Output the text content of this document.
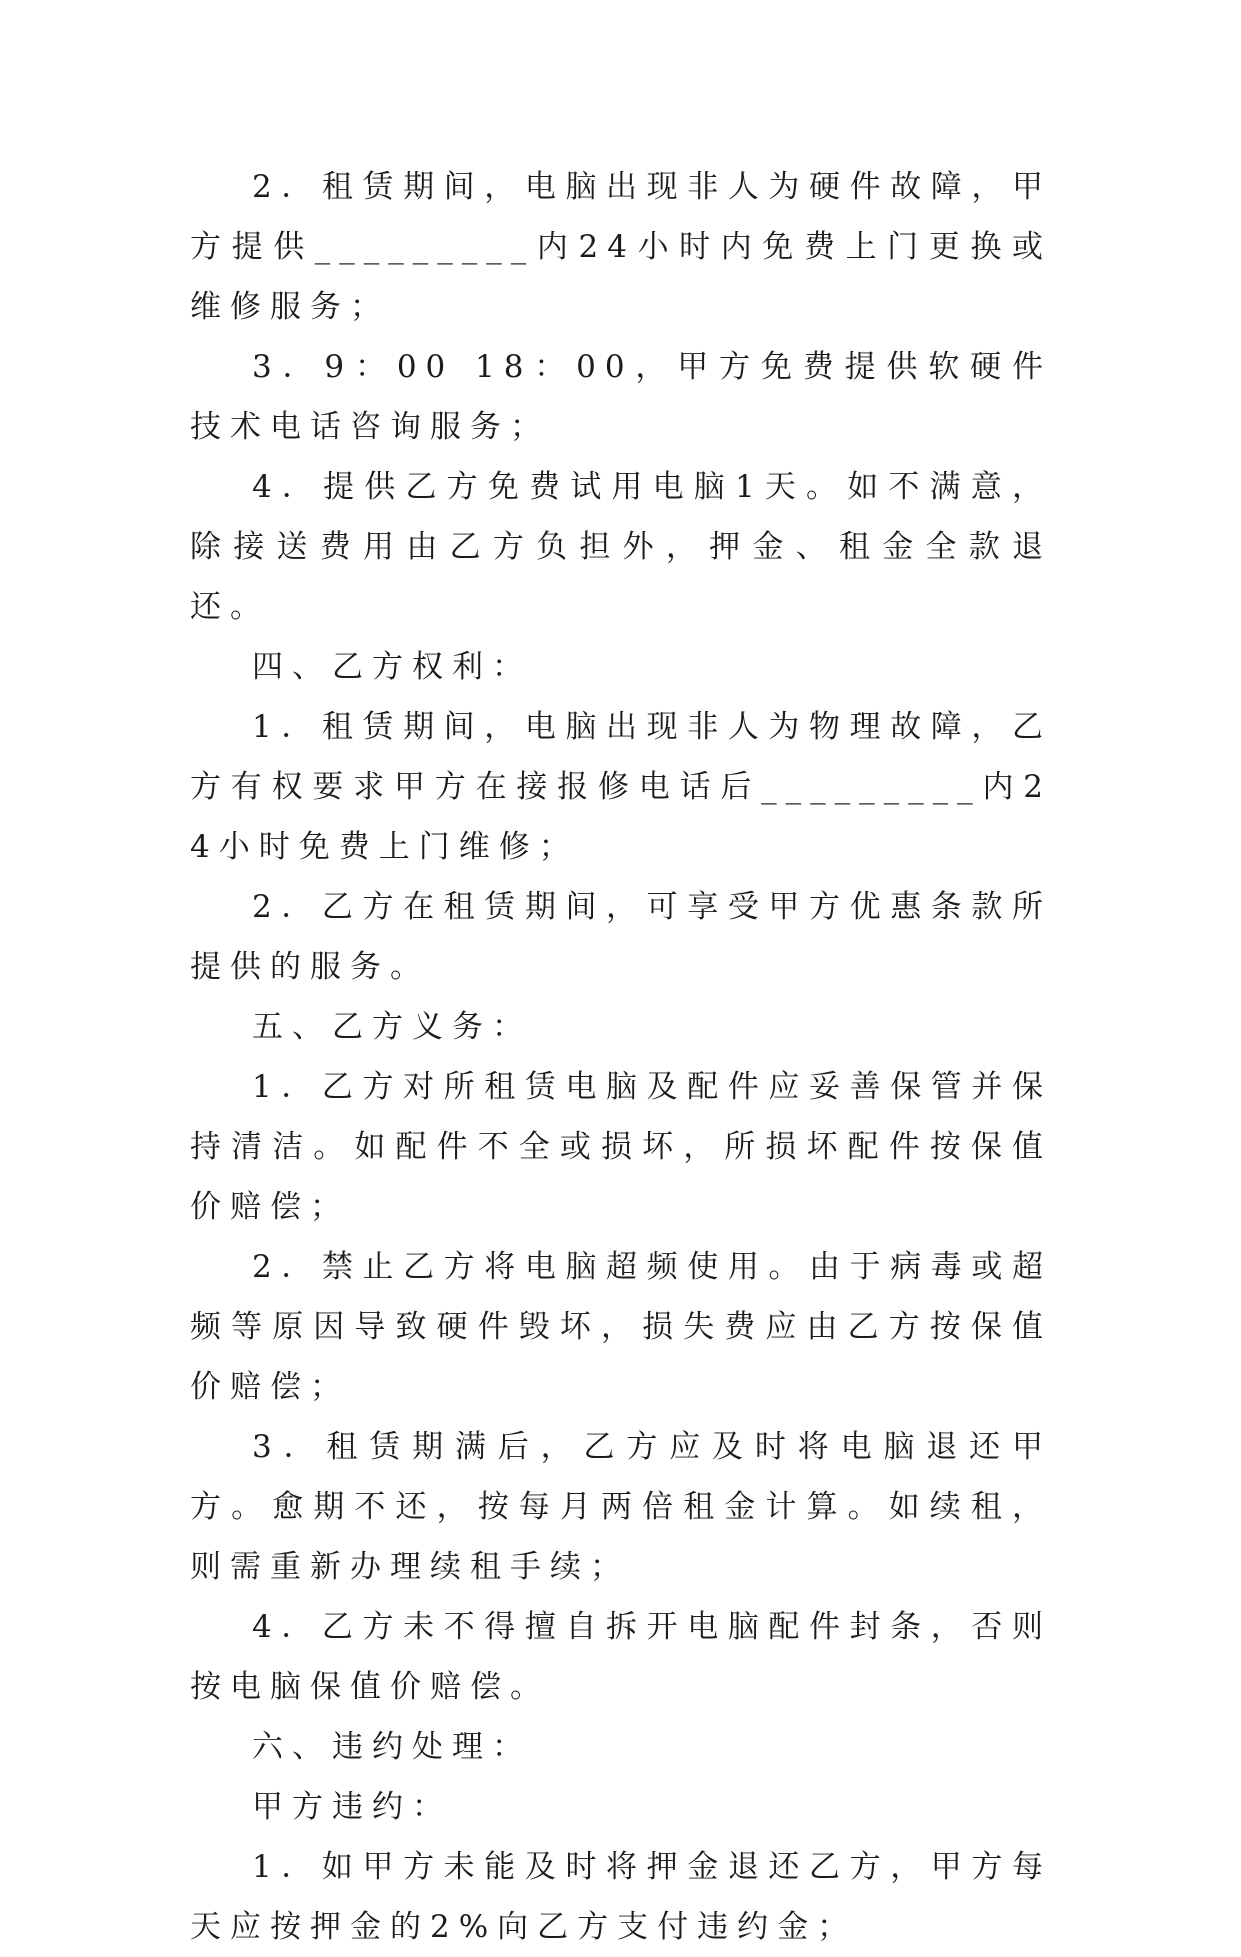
2．租赁期间，电脑出现非人为硬件故障，甲方提供_________内24小时内免费上门更换或维修服务；

3．9：00 18：00，甲方免费提供软硬件技术电话咨询服务；

4．提供乙方免费试用电脑1天。如不满意，除接送费用由乙方负担外，押金、租金全款退还。

四、乙方权利：

1．租赁期间，电脑出现非人为物理故障，乙方有权要求甲方在接报修电话后_________内24小时免费上门维修；

2．乙方在租赁期间，可享受甲方优惠条款所提供的服务。

五、乙方义务：

1．乙方对所租赁电脑及配件应妥善保管并保持清洁。如配件不全或损坏，所损坏配件按保值价赔偿；

2．禁止乙方将电脑超频使用。由于病毒或超频等原因导致硬件毁坏，损失费应由乙方按保值价赔偿；

3．租赁期满后，乙方应及时将电脑退还甲方。愈期不还，按每月两倍租金计算。如续租，则需重新办理续租手续；

4．乙方未不得擅自拆开电脑配件封条，否则按电脑保值价赔偿。

六、违约处理：

甲方违约：

1．如甲方未能及时将押金退还乙方，甲方每天应按押金的2%向乙方支付违约金；
